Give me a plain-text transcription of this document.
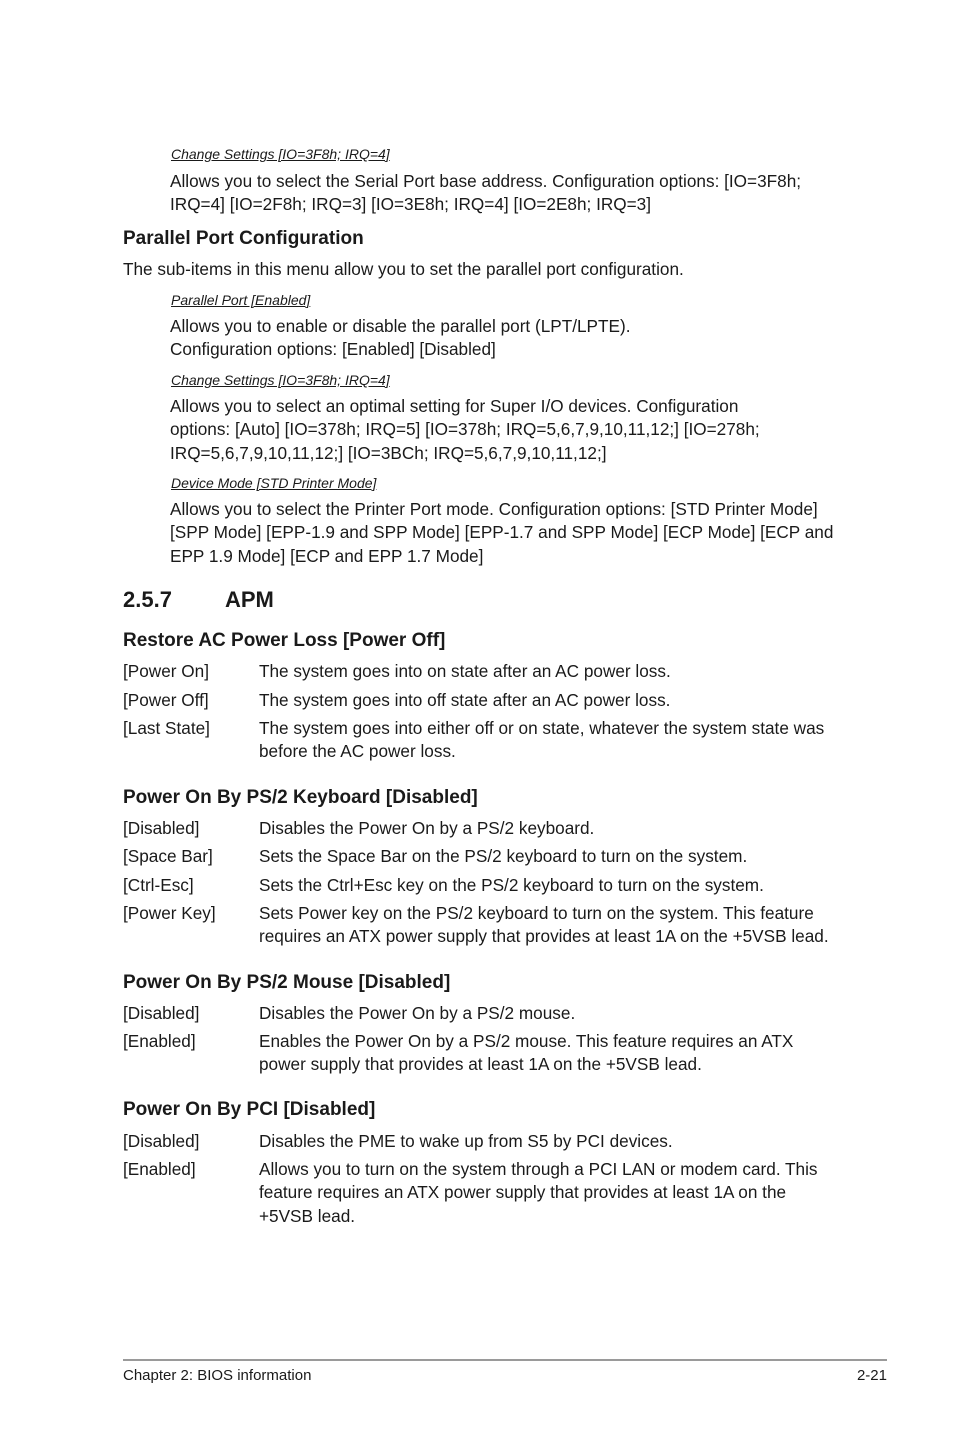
Change Settings [IO=3F8h; IRQ=4]
Allows you to select the Serial Port base address. Configuration options: [IO=3F8h;
IRQ=4] [IO=2F8h; IRQ=3] [IO=3E8h; IRQ=4] [IO=2E8h; IRQ=3]
Parallel Port Configuration
The sub-items in this menu allow you to set the parallel port configuration.
Parallel Port [Enabled]
Allows you to enable or disable the parallel port (LPT/LPTE).
Configuration options: [Enabled] [Disabled]
Change Settings [IO=3F8h; IRQ=4]
Allows you to select an optimal setting for Super I/O devices. Configuration
options: [Auto] [IO=378h; IRQ=5] [IO=378h; IRQ=5,6,7,9,10,11,12;] [IO=278h;
IRQ=5,6,7,9,10,11,12;] [IO=3BCh; IRQ=5,6,7,9,10,11,12;]
Device Mode [STD Printer Mode]
Allows you to select the Printer Port mode. Configuration options: [STD Printer Mode]
[SPP Mode] [EPP-1.9 and SPP Mode] [EPP-1.7 and SPP Mode] [ECP Mode] [ECP and
EPP 1.9 Mode] [ECP and EPP 1.7 Mode]
2.5.7 APM
Restore AC Power Loss [Power Off]
[Power On]	The system goes into on state after an AC power loss.
[Power Off]	The system goes into off state after an AC power loss.
[Last State]	The system goes into either off or on state, whatever the system state was
before the AC power loss.
Power On By PS/2 Keyboard [Disabled]
[Disabled]	Disables the Power On by a PS/2 keyboard.
[Space Bar]	Sets the Space Bar on the PS/2 keyboard to turn on the system.
[Ctrl-Esc]	Sets the Ctrl+Esc key on the PS/2 keyboard to turn on the system.
[Power Key]	Sets Power key on the PS/2 keyboard to turn on the system. This feature
requires an ATX power supply that provides at least 1A on the +5VSB lead.
Power On By PS/2 Mouse [Disabled]
[Disabled]	Disables the Power On by a PS/2 mouse.
[Enabled]	Enables the Power On by a PS/2 mouse. This feature requires an ATX
power supply that provides at least 1A on the +5VSB lead.
Power On By PCI [Disabled]
[Disabled]	Disables the PME to wake up from S5 by PCI devices.
[Enabled]	Allows you to turn on the system through a PCI LAN or modem card. This
feature requires an ATX power supply that provides at least 1A on the
+5VSB lead.
Chapter 2: BIOS information	2-21
